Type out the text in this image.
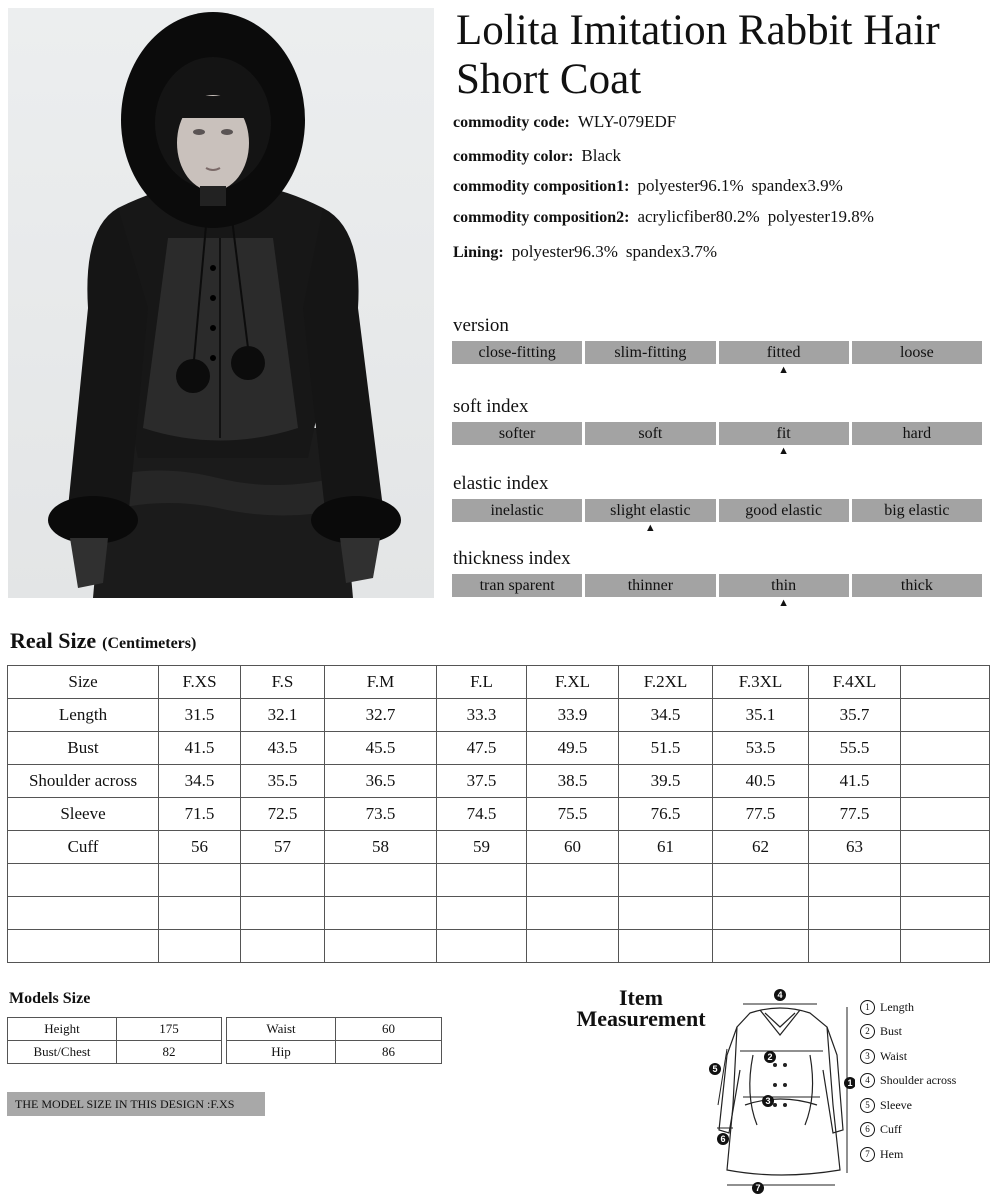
Lolita Imitation Rabbit Hair Short Coat
commodity code: WLY-079EDF
commodity color: Black
commodity composition1: polyester96.1% spandex3.9%
commodity composition2: acrylicfiber80.2% polyester19.8%
Lining: polyester96.3% spandex3.7%
version
close-fitting	slim-fitting	fitted
▲
loose
soft index
softer	soft	fit
▲
hard
elastic index
inelastic	slight elastic
▲
good elastic	big elastic
thickness index
tran sparent	thinner	thin
▲
thick
Real Size (Centimeters)
Size	F.XS	F.S	F.M	F.L	F.XL	F.2XL	F.3XL	F.4XL	
Length	31.5	32.1	32.7	33.3	33.9	34.5	35.1	35.7	
Bust	41.5	43.5	45.5	47.5	49.5	51.5	53.5	55.5	
Shoulder across	34.5	35.5	36.5	37.5	38.5	39.5	40.5	41.5	
Sleeve	71.5	72.5	73.5	74.5	75.5	76.5	77.5	77.5	
Cuff	56	57	58	59	60	61	62	63	

Models Size
Height	175
Bust/Chest	82
Waist	60
Hip	86
THE MODEL SIZE IN THIS DESIGN :F.XS
Item
Measurement
4
1
2
3
5
6
7
1 Length
2 Bust
3 Waist
4 Shoulder across
5 Sleeve
6 Cuff
7 Hem
